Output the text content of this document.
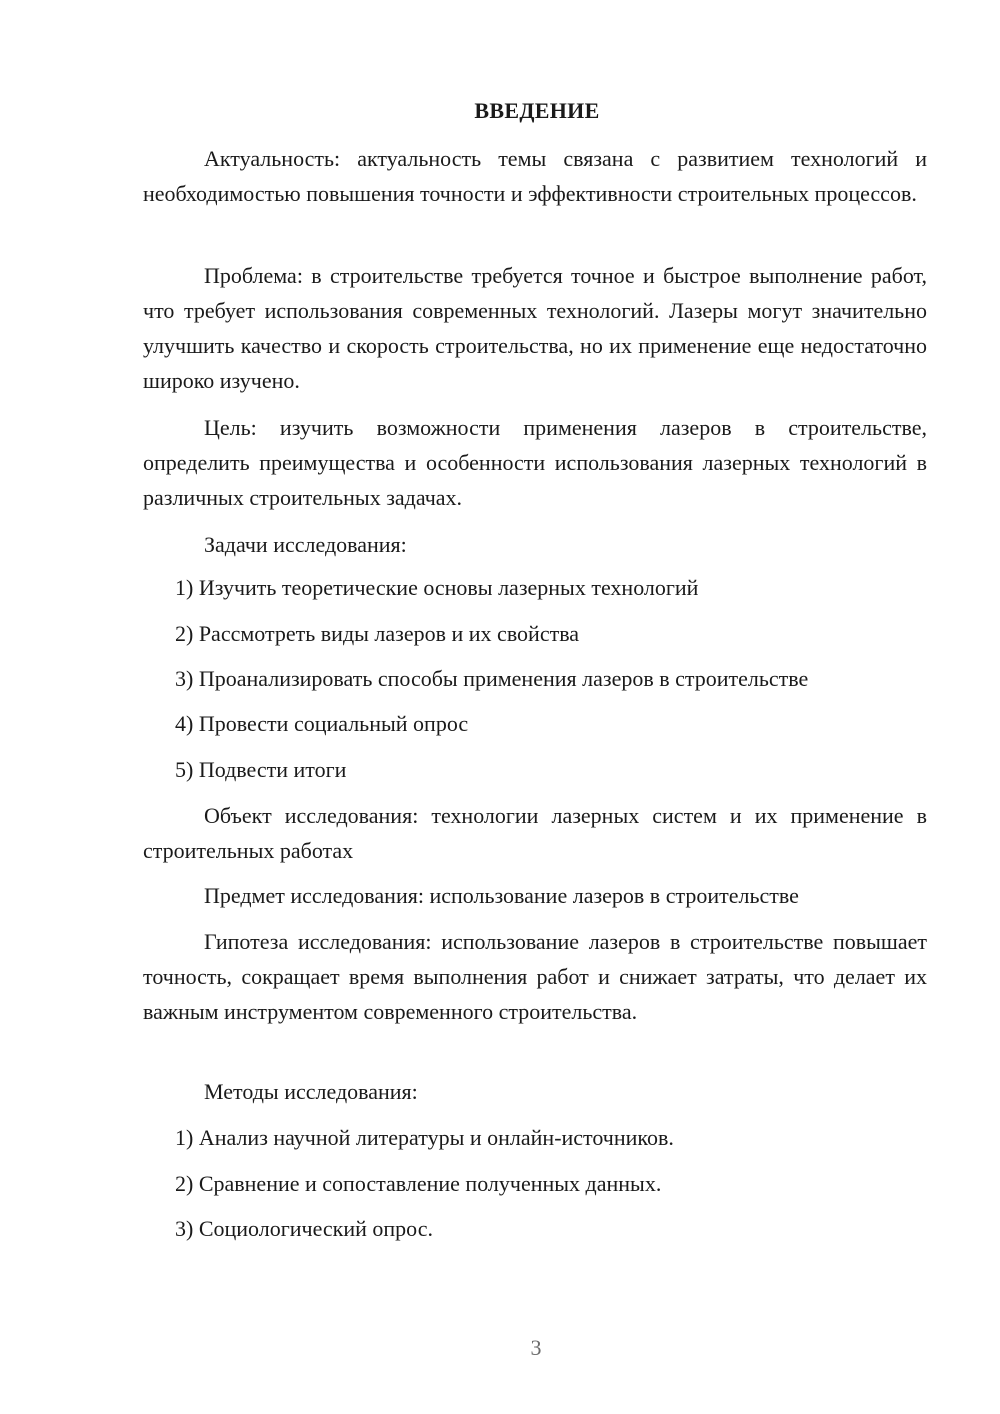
ВВЕДЕНИЕ

Актуальность: актуальность темы связана с развитием технологий и необходимостью повышения точности и эффективности строительных процессов.

Проблема: в строительстве требуется точное и быстрое выполнение работ, что требует использования современных технологий. Лазеры могут значительно улучшить качество и скорость строительства, но их применение еще недостаточно широко изучено.

Цель: изучить возможности применения лазеров в строительстве, определить преимущества и особенности использования лазерных технологий в различных строительных задачах.

Задачи исследования:

1) Изучить теоретические основы лазерных технологий

2) Рассмотреть виды лазеров и их свойства

3) Проанализировать способы применения лазеров в строительстве

4) Провести социальный опрос

5) Подвести итоги

Объект исследования: технологии лазерных систем и их применение в строительных работах

Предмет исследования: использование лазеров в строительстве

Гипотеза исследования: использование лазеров в строительстве повышает точность, сокращает время выполнения работ и снижает затраты, что делает их важным инструментом современного строительства.

Методы исследования:

1) Анализ научной литературы и онлайн-источников.

2) Сравнение и сопоставление полученных данных.

3) Социологический опрос.

3
